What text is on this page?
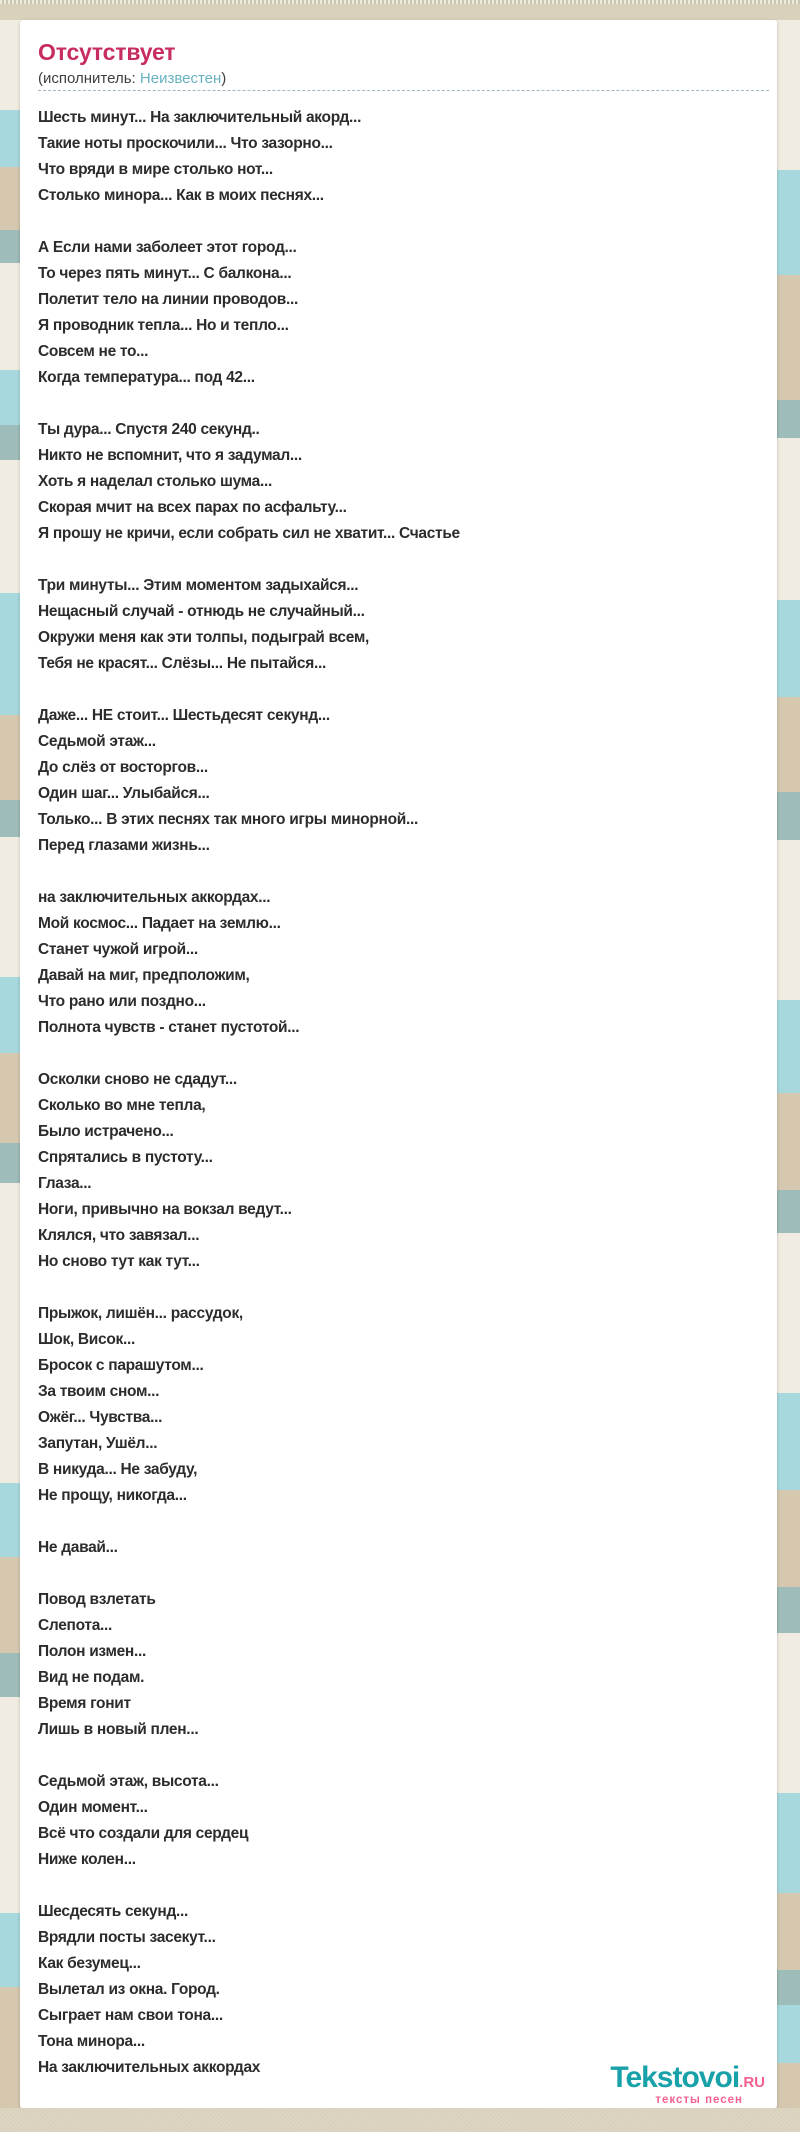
Отсутствует
(исполнитель: Неизвестен)

Шесть минут... На заключительный акорд...
Такие ноты проскочили... Что зазорно...
Что вряди в мире столько нот...
Столько минора... Как в моих песнях...

А Если нами заболеет этот город...
То через пять минут... С балкона...
Полетит тело на линии проводов...
Я проводник тепла... Но и тепло...
Совсем не то...
Когда температура... под 42...

Ты дура... Спустя 240 секунд..
Никто не вспомнит, что я задумал...
Хоть я наделал столько шума...
Скорая мчит на всех парах по асфальту...
Я прошу не кричи, если собрать сил не хватит... Счастье

Три минуты... Этим моментом задыхайся...
Нещасный случай - отнюдь не случайный...
Окружи меня как эти толпы, подыграй всем,
Тебя не красят... Слёзы... Не пытайся...

Даже... НЕ стоит... Шестьдесят секунд...
Седьмой этаж...
До слёз от восторгов...
Один шаг... Улыбайся...
Только... В этих песнях так много игры минорной...
Перед глазами жизнь...

на заключительных аккордах...
Мой космос... Падает на землю...
Станет чужой игрой...
Давай на миг, предположим,
Что рано или поздно...
Полнота чувств - станет пустотой...

Осколки сново не сдадут...
Сколько во мне тепла,
Было истрачено...
Спрятались в пустоту...
Глаза...
Ноги, привычно на вокзал ведут...
Клялся, что завязал...
Но сново тут как тут...

Прыжок, лишён... рассудок,
Шок, Висок...
Бросок с парашутом...
За твоим сном...
Ожёг... Чувства...
Запутан, Ушёл...
В никуда... Не забуду,
Не прощу, никогда...

Не давай...

Повод взлетать
Слепота...
Полон измен...
Вид не подам.
Время гонит
Лишь в новый плен...

Седьмой этаж, высота...
Один момент...
Всё что создали для сердец
Ниже колен...

Шесдесять секунд...
Врядли посты засекут...
Как безумец...
Вылетал из окна. Город.
Сыграет нам свои тона...
Тона минора...
На заключительных аккордах	Tekstovoi.RU
тексты песен
